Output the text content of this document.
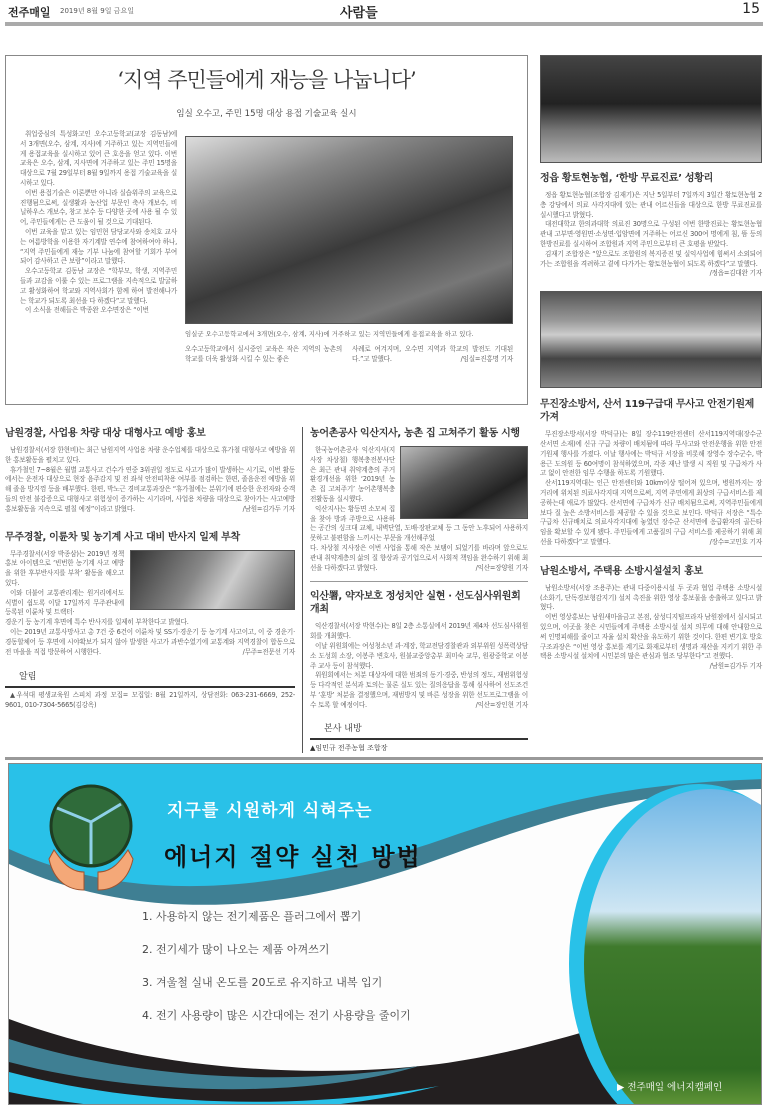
전주매일 2019년 8월 9일 금요일	사람들	15
‘지역 주민들에게 재능을 나눕니다’
임실 오수고, 주민 15명 대상 용접 기술교육 실시

취업중심의 특성화고인 오수고등학교(교장 김동남)에서 3개면(오수, 삼계, 지사)에 거주하고 있는 지역민들에게 용접교육을 실시하고 있어 큰 호응을 얻고 있다. 이번 교육은 오수, 삼계, 지사면에 거주하고 있는 주민 15명을 대상으로 7월 29일부터 8월 9일까지 용접 기술교육을 실시하고 있다.

이번 용접기술은 이론뿐만 아니라 실습위주의 교육으로 진행됨으로써, 실생활과 농산업 부문인 축사 개보수, 비닐하우스 개보수, 창고 보수 등 다양한 곳에 사용 될 수 있어, 주민들에게는 큰 도움이 될 것으로 기대된다.

이번 교육을 맡고 있는 임민현 담당교사와 송치호 교사는 여름방학을 이용한 자기계발 연수에 참여하여야 하나, “지역 주민들에게 재능 기부 나눔에 참여할 기회가 부여되어 감사하고 큰 보람”이라고 말했다.

오수고등학교 김동남 교장은 “학부모, 학생, 지역주민들과 교감을 이룰 수 있는 프로그램을 지속적으로 발굴하고 활성화하여 학교와 지역사회가 함께 하여 발전해나가는 학교가 되도록 최선을 다 하겠다”고 말했다.

이 소식을 전해들은 박종완 오수면장은 “이번

임실군 오수고등학교에서 3개면(오수, 삼계, 지사)에 거주하고 있는 지역민들에게 용접교육을 하고 있다.

오수고등학교에서 실시중인 교육은 작은 지역의 농촌의 학교를 더욱 활성화 시킬 수 있는 좋은

사례로 여겨지며, 오수면 지역과 학교의 발전도 기대된다.”고 말했다.	/임실=진홍명 기자

남원경찰, 사업용 차량 대상 대형사고 예방 홍보

남원경찰서(서장 한현비)는 최근 남원지역 사업용 차량 운수업체를 대상으로 휴가철 대형사고 예방을 위한 홍보활동을 펼치고 있다.

휴가철인 7~8월은 월별 교통사고 건수가 연중 3위권일 정도로 사고가 많이 발생하는 시기로, 이번 활동에서는 운전자 대상으로 현장 음주감지 및 전 좌석 안전띠착용 여부를 점검하는 한편, 졸음운전 예방을 위해 졸음 방지껌 등을 배부했다. 한편, 박노근 경비교통과장은 “휴가철에는 분위기에 편승한 운전자와 승객들의 안전 불감증으로 대형사고 위험성이 증가하는 시기라며, 사업용 차량을 대상으로 찾아가는 사고예방 홍보활동을 지속으로 펼칠 예정”이라고 밝혔다.	/남원=김가두 기자

무주경찰, 이륜차 및 농기계 사고 대비 반사지 일제 부착

무주경찰서(서장 박종삼)는 2019년 정책홍보 아이템으로 ‘빈번한 농기계 사고 예방을 위한 후부반사지를 부착’ 활동을 해오고 있다.

이와 더불어 교통관리계는 원거리에서도 식별이 쉽도록 이달 17일까지 무주관내에 등록된 이륜차 및 트랙터·

경운기 등 농기계 후면에 특수 반사지를 일제히 부착한다고 밝혔다.

이는 2019년 교통사망사고 총 7건 중 6건이 이륜차 및 SS기·경운기 등 농기계 사고이고, 이 중 경운기·경동할체어 등 후면에 시야확보가 되지 않아 발생한 사고가 과반수였기에 교통계와 지역경찰이 합동으로 전 마을을 직접 방문하여 시행한다.	/무주=전문선 기자

알림

▲우석대 평생교육원 스피치 과정 모집= 모집일: 8월 21일까지, 상담전화: 063-231-6669, 252-9601, 010-7304-5665(김강옥)

농어촌공사 익산지사, 농촌 집 고쳐주기 활동 시행

한국농어촌공사 익산지사(지사장 차상철) 행복충전봉사단은 최근 관내 취약계층의 주거환경개선을 위한 ‘2019년 농촌 집 고쳐주기’ 농어촌행복충전활동을 실시했다.

익산지사는 황등면 소모씨 집을 찾아 방과 주방으로 사용하는 공간의 싱크대 교체, 내벽단열, 도배·장판교체 등 그 동안 노후되어 사용하지 못하고 불편함을 느끼시는 부문을 개선해주었

다. 차상철 지사장은 이번 사업을 통해 작은 보탬이 되었기를 바라며 앞으로도 관내 취약계층의 삶의 질 향상과 공기업으로서 사회적 책임을 완수하기 위해 최선을 다하겠다고 밝혔다.	/익산=장양원 기자

익산署, 약자보호 정성치안 실현 · 선도심사위원회 개최

익산경찰서(서장 박현수)는 8일 2층 소통실에서 2019년 제4차 선도심사위원회를 개최했다.

이날 위원회에는 여성청소년 과·계장, 학교전담경찰관과 외부위원 성폭력상담소 도성희 소장, 이봉주 변호사, 원불교중앙총부 최미숙 교무, 원광중학교 이봉주 교사 등이 참석했다.

위원회에서는 처분 대상자에 대한 범죄의 동기·경중, 반성의 정도, 재범위험성 등 다각적인 분석과 토의는 물론 실도 있는 질의응답을 통해 심사하여 선도조건부 ‘훈방’ 처분을 결정했으며, 재범방지 및 바른 성장을 위한 선도프로그램을 이수 토록 할 예정이다.	/익산=장인현 기자

본사 내방
▲임민규 전주농협 조합장
정읍 황토현농협, ‘한방 무료진료’ 성황리

정읍 황토현농협(조합장 김재기)은 지난 5일부터 7일까지 3일간 황토현농협 2층 강당에서 의료 사각지대에 있는 관내 어르신들을 대상으로 한방 무료진료를 실시했다고 밝혔다.

대전대학교 한의과대학 의료진 30명으로 구성된 이번 한방진료는 황토현농협 관내 고부면·영원면·소성면·입암면에 거주하는 어르신 300여 명에게 침, 뜸 등의 한방진료를 실시하여 조합원과 지역 주민으로부터 큰 호평을 받았다.

김재기 조합장은 “앞으로도 조합원의 복지증진 및 실익사업에 힘써서 소외되어가는 조합원을 격려하고 곁에 다가가는 황토현농협이 되도록 하겠다”고 말했다.
/정읍=김대완 기자

무진장소방서, 산서 119구급대 무사고 안전기원제 가져

무진장소방서(서장 박덕규)는 8일 장수119안전센터 산서119지역대(장수군 산서면 소재)에 신규 구급 차량이 배치됨에 따라 무사고와 안전운행을 위한 안전기원제 행사를 가졌다. 이날 행사에는 박덕규 서장을 비롯해 장영수 장수군수, 박용근 도의원 등 60여명이 참석하였으며, 각종 재난 발생 시 직원 및 구급차가 사고 없이 안전한 임무 수행을 하도록 기원했다.

산서119지역대는 인근 안전센터와 10km이상 떨어져 있으며, 병원까지는 장거리에 위치된 의료사각지대 지역으로써, 지역 주민에게 최상의 구급서비스를 제공하는데 애로가 많았다. 산서면에 구급차가 신규 배치됨으로써, 지역주민들에게 보다 질 높은 소방서비스를 제공할 수 있을 것으로 보인다. 박덕규 서장은 “특수구급차 신규배치로 의료사각지대에 놓였던 장수군 산서면에 응급환자의 골든타임을 확보할 수 있게 됐다. 주민들에게 고품질의 구급 서비스를 제공하기 위해 최선을 다하겠다”고 말했다.	/장수=고민호 기자

남원소방서, 주택용 소방시설설치 홍보

남원소방서(서장 조용주)는 관내 다중이용시설 두 곳과 협업 주택용 소방시설(소화기, 단독경보형감지기) 설치 촉진을 위한 영상 홍보물을 송출하고 있다고 밝혔다.

이번 영상홍보는 남원새마을금고 본점, 삼성디지털프라자 남원점에서 실시되고 있으며, 이곳을 찾은 시민들에게 주택용 소방시설 설치 의무에 대해 안내함으로써 인명피해를 줄이고 자율 설치 확산을 유도하기 위한 것이다. 한편 변기호 방호구조과장은 “이번 영상 홍보를 계기로 화재로부터 생명과 재산을 지키기 위한 주택용 소방시설 설치에 시민분의 많은 관심과 협조 당부한다”고 전했다.
/남원=김가두 기자

지구를 시원하게 식혀주는
에너지 절약 실천 방법
1. 사용하지 않는 전기제품은 플러그에서 뽑기
2. 전기세가 많이 나오는 제품 아껴쓰기
3. 겨울철 실내 온도를 20도로 유지하고 내복 입기
4. 전기 사용량이 많은 시간대에는 전기 사용량을 줄이기
▶ 전주매일 에너지캠페인
